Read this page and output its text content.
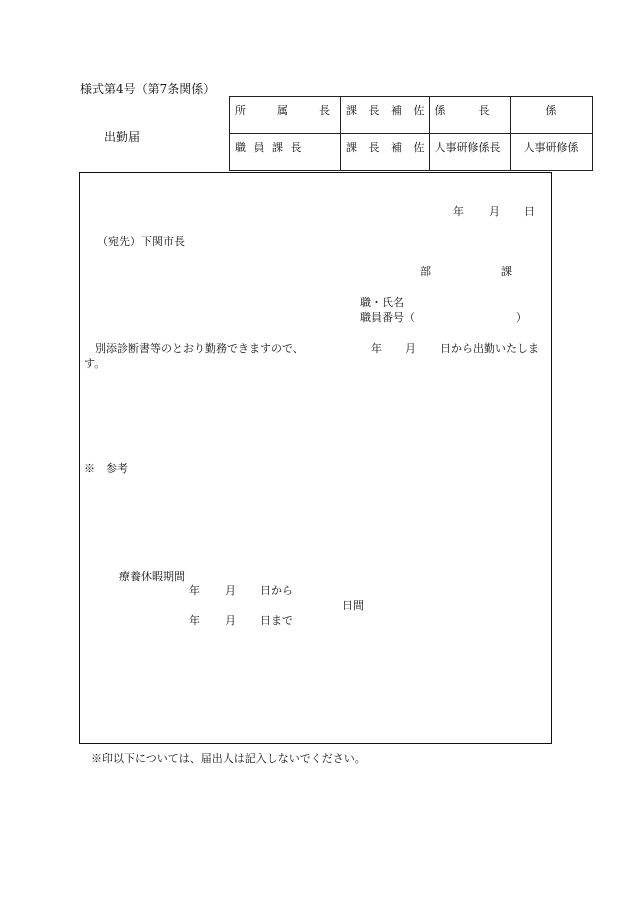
様式第4号（第7条関係）
出勤届
所　属　長	課 長 補 佐	係　　　長	係

職 員 課 長	課 長 補 佐	人事研修係長	人事研修係
年 月 日
（宛先）下関市長
部	課
職・氏名
職員番号（	）
別添診断書等のとおり勤務できますので、	年 月 日から出勤いたしま
す。
※　参考
療養休暇期間
年 月 日から
日間
年 月 日まで
※印以下については、届出人は記入しないでください。
